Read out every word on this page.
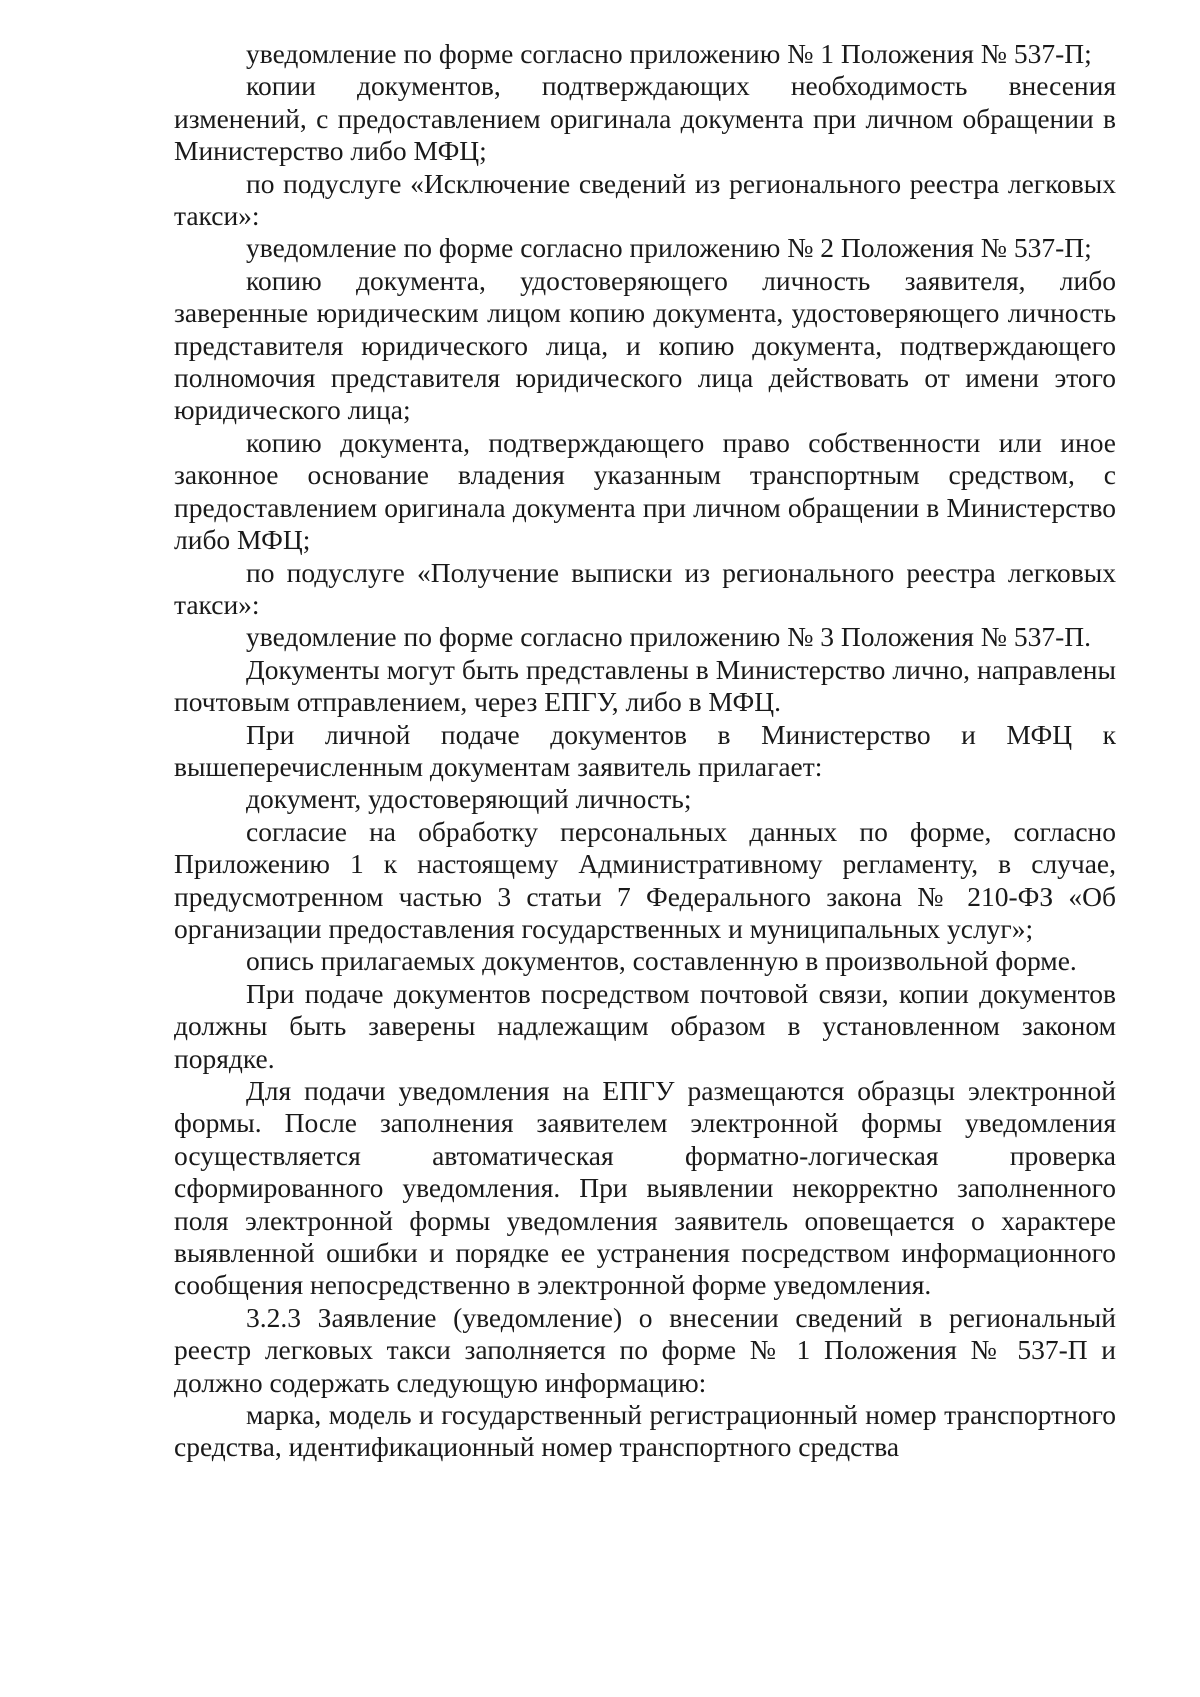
уведомление по форме согласно приложению № 1 Положения № 537-П;

копии документов, подтверждающих необходимость внесения изменений, с предоставлением оригинала документа при личном обращении в Министерство либо МФЦ;

по подуслуге «Исключение сведений из регионального реестра легковых такси»:

уведомление по форме согласно приложению № 2 Положения № 537-П;

копию документа, удостоверяющего личность заявителя, либо заверенные юридическим лицом копию документа, удостоверяющего личность представителя юридического лица, и копию документа, подтверждающего полномочия представителя юридического лица действовать от имени этого юридического лица;

копию документа, подтверждающего право собственности или иное законное основание владения указанным транспортным средством, с предоставлением оригинала документа при личном обращении в Министерство либо МФЦ;

по подуслуге «Получение выписки из регионального реестра легковых такси»:

уведомление по форме согласно приложению № 3 Положения № 537-П.

Документы могут быть представлены в Министерство лично, направлены почтовым отправлением, через ЕПГУ, либо в МФЦ.

При личной подаче документов в Министерство и МФЦ к вышеперечисленным документам заявитель прилагает:

документ, удостоверяющий личность;

согласие на обработку персональных данных по форме, согласно Приложению 1 к настоящему Административному регламенту, в случае, предусмотренном частью 3 статьи 7 Федерального закона № 210-ФЗ «Об организации предоставления государственных и муниципальных услуг»;

опись прилагаемых документов, составленную в произвольной форме.

При подаче документов посредством почтовой связи, копии документов должны быть заверены надлежащим образом в установленном законом порядке.

Для подачи уведомления на ЕПГУ размещаются образцы электронной формы. После заполнения заявителем электронной формы уведомления осуществляется автоматическая форматно-логическая проверка сформированного уведомления. При выявлении некорректно заполненного поля электронной формы уведомления заявитель оповещается о характере выявленной ошибки и порядке ее устранения посредством информационного сообщения непосредственно в электронной форме уведомления.

3.2.3 Заявление (уведомление) о внесении сведений в региональный реестр легковых такси заполняется по форме № 1 Положения № 537-П и должно содержать следующую информацию:

марка, модель и государственный регистрационный номер транспортного средства, идентификационный номер транспортного средства
